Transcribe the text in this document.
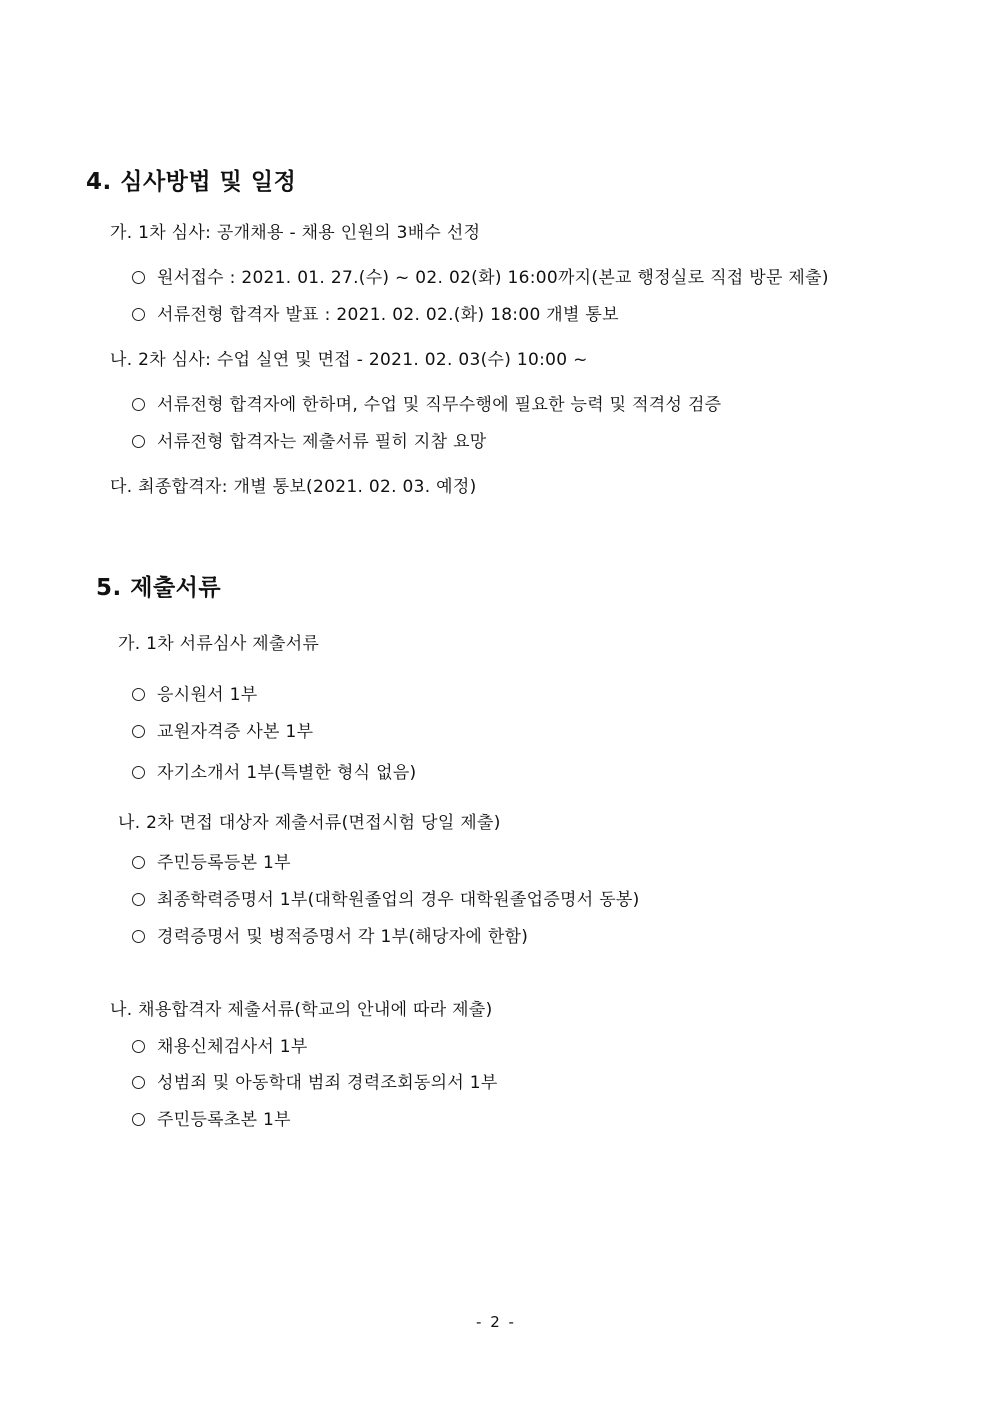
4. 심사방법 및 일정
가. 1차 심사: 공개채용 - 채용 인원의 3배수 선정
원서접수 : 2021. 01. 27.(수) ~ 02. 02(화) 16:00까지(본교 행정실로 직접 방문 제출)
서류전형 합격자 발표 : 2021. 02. 02.(화) 18:00 개별 통보
나. 2차 심사: 수업 실연 및 면접 - 2021. 02. 03(수) 10:00 ~
서류전형 합격자에 한하며, 수업 및 직무수행에 필요한 능력 및 적격성 검증
서류전형 합격자는 제출서류 필히 지참 요망
다. 최종합격자: 개별 통보(2021. 02. 03. 예정)
5. 제출서류
가. 1차 서류심사 제출서류
응시원서 1부
교원자격증 사본 1부
자기소개서 1부(특별한 형식 없음)
나. 2차 면접 대상자 제출서류(면접시험 당일 제출)
주민등록등본 1부
최종학력증명서 1부(대학원졸업의 경우 대학원졸업증명서 동봉)
경력증명서 및 병적증명서 각 1부(해당자에 한함)
나. 채용합격자 제출서류(학교의 안내에 따라 제출)
채용신체검사서 1부
성범죄 및 아동학대 범죄 경력조회동의서 1부
주민등록초본 1부
- 2 -
